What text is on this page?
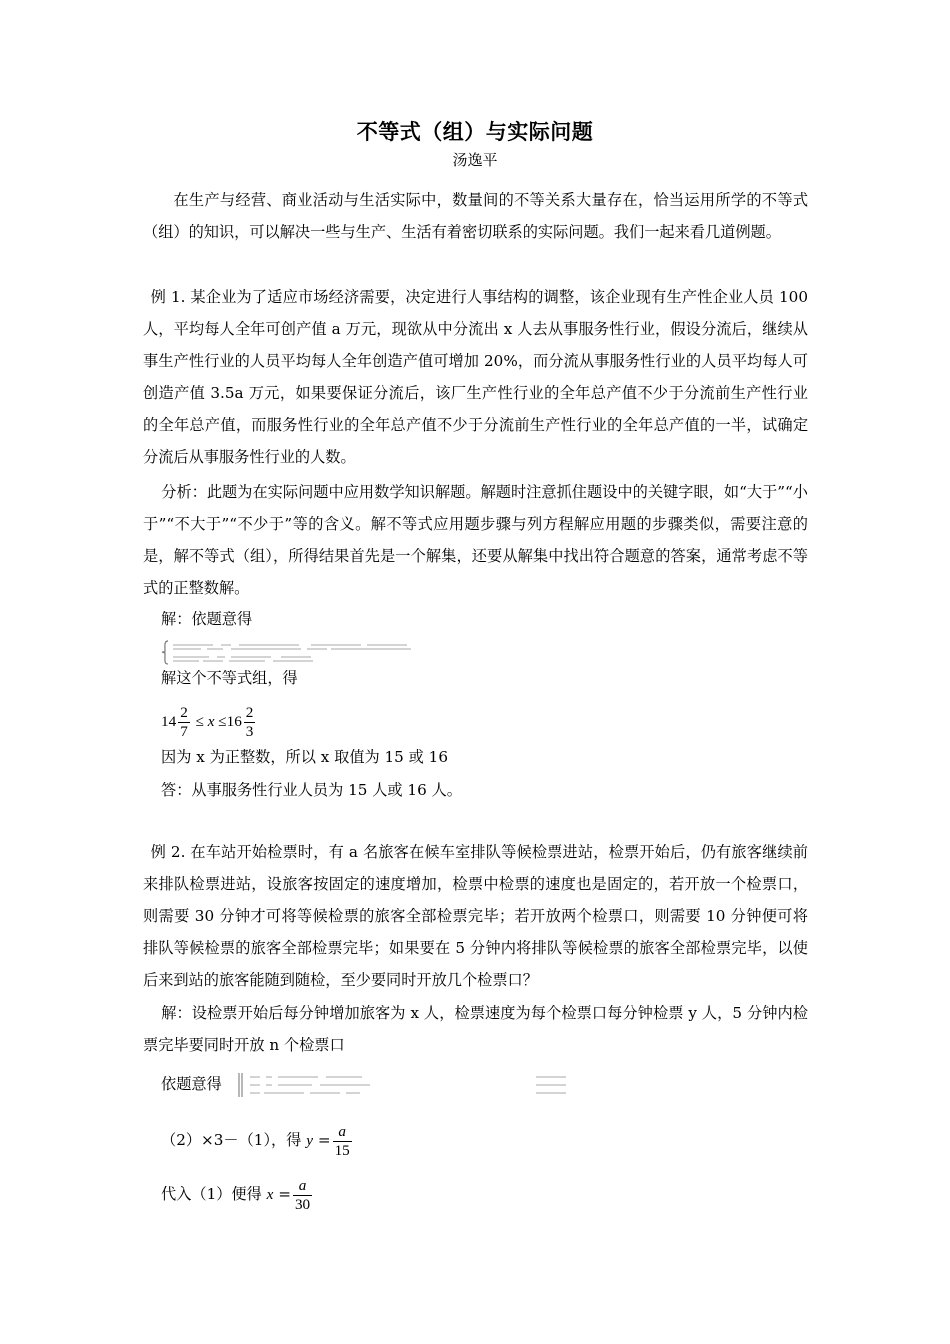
不等式（组）与实际问题
汤逸平

在生产与经营、商业活动与生活实际中，数量间的不等关系大量存在，恰当运用所学的不等式（组）的知识，可以解决一些与生产、生活有着密切联系的实际问题。我们一起来看几道例题。

例 1. 某企业为了适应市场经济需要，决定进行人事结构的调整，该企业现有生产性企业人员 100 人，平均每人全年可创产值 a 万元，现欲从中分流出 x 人去从事服务性行业，假设分流后，继续从事生产性行业的人员平均每人全年创造产值可增加 20%，而分流从事服务性行业的人员平均每人可创造产值 3.5a 万元，如果要保证分流后，该厂生产性行业的全年总产值不少于分流前生产性行业的全年总产值，而服务性行业的全年总产值不少于分流前生产性行业的全年总产值的一半，试确定分流后从事服务性行业的人数。

分析：此题为在实际问题中应用数学知识解题。解题时注意抓住题设中的关键字眼，如“大于”“小于”“不大于”“不少于”等的含义。解不等式应用题步骤与列方程解应用题的步骤类似，需要注意的是，解不等式（组），所得结果首先是一个解集，还要从解集中找出符合题意的答案，通常考虑不等式的正整数解。

解：依题意得
解这个不等式组，得
$14 \frac{2}{7} \le x \le 16 \frac{2}{3}$
因为 x 为正整数，所以 x 取值为 15 或 16
答：从事服务性行业人员为 15 人或 16 人。

例 2. 在车站开始检票时，有 a 名旅客在候车室排队等候检票进站，检票开始后，仍有旅客继续前来排队检票进站，设旅客按固定的速度增加，检票中检票的速度也是固定的，若开放一个检票口，则需要 30 分钟才可将等候检票的旅客全部检票完毕；若开放两个检票口，则需要 10 分钟便可将排队等候检票的旅客全部检票完毕；如果要在 5 分钟内将排队等候检票的旅客全部检票完毕，以使后来到站的旅客能随到随检，至少要同时开放几个检票口？

解：设检票开始后每分钟增加旅客为 x 人，检票速度为每个检票口每分钟检票 y 人，5 分钟内检票完毕要同时开放 n 个检票口

依题意得
（2）×3－（1），得 $y = \frac{a}{15}$
代入（1）便得 $x = \frac{a}{30}$
